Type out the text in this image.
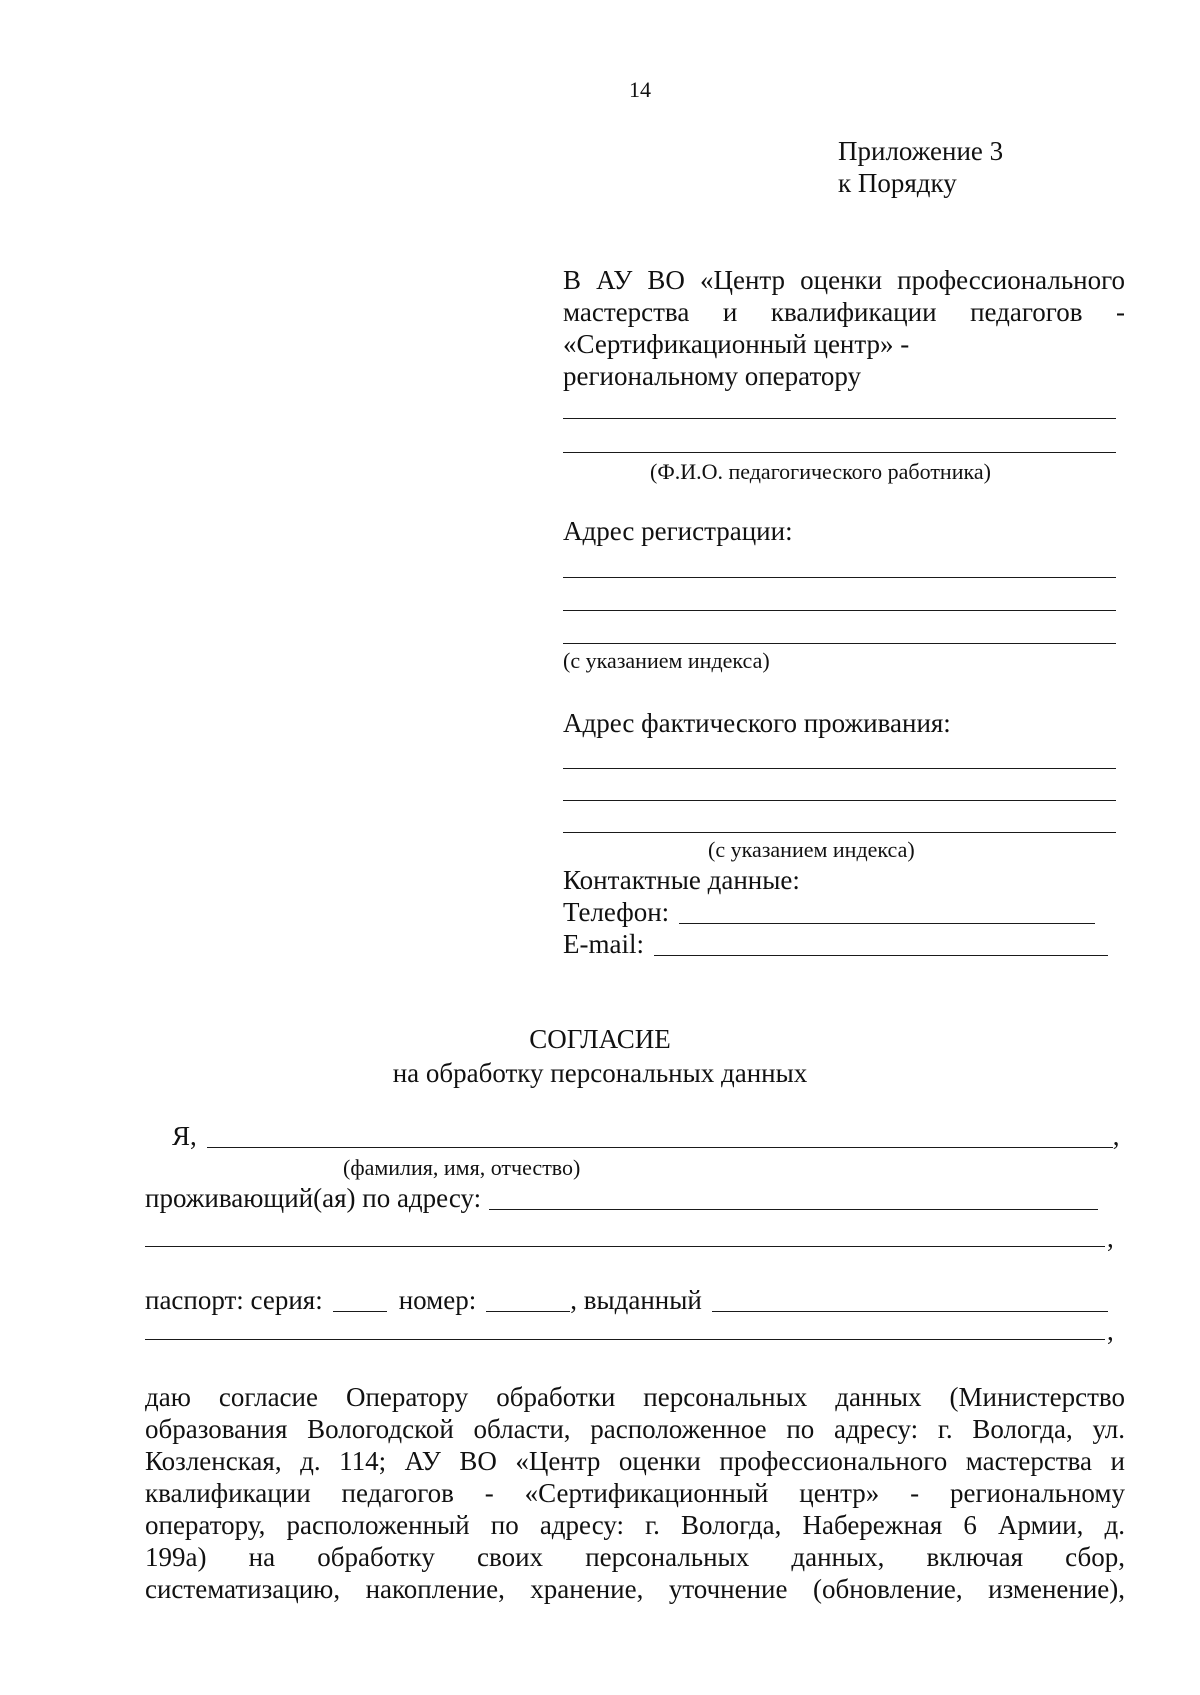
14
Приложение 3
к Порядку
В АУ ВО «Центр оценки профессионального
мастерства и квалификации педагогов -
«Сертификационный центр» -
региональному оператору
(Ф.И.О. педагогического работника)
Адрес регистрации:
(с указанием индекса)
Адрес фактического проживания:
(с указанием индекса)
Контактные данные:
Телефон:
E-mail:
СОГЛАСИЕ
на обработку персональных данных
Я,	,
(фамилия, имя, отчество)
проживающий(ая) по адресу:
,
паспорт: серия:	номер:	, выданный
,
даю согласие Оператору обработки персональных данных (Министерство
образования Вологодской области, расположенное по адресу: г. Вологда, ул.
Козленская, д. 114; АУ ВО «Центр оценки профессионального мастерства и
квалификации педагогов - «Сертификационный центр» - региональному
оператору, расположенный по адресу: г. Вологда, Набережная 6 Армии, д.
199а) на обработку своих персональных данных, включая сбор,
систематизацию, накопление, хранение, уточнение (обновление, изменение),
